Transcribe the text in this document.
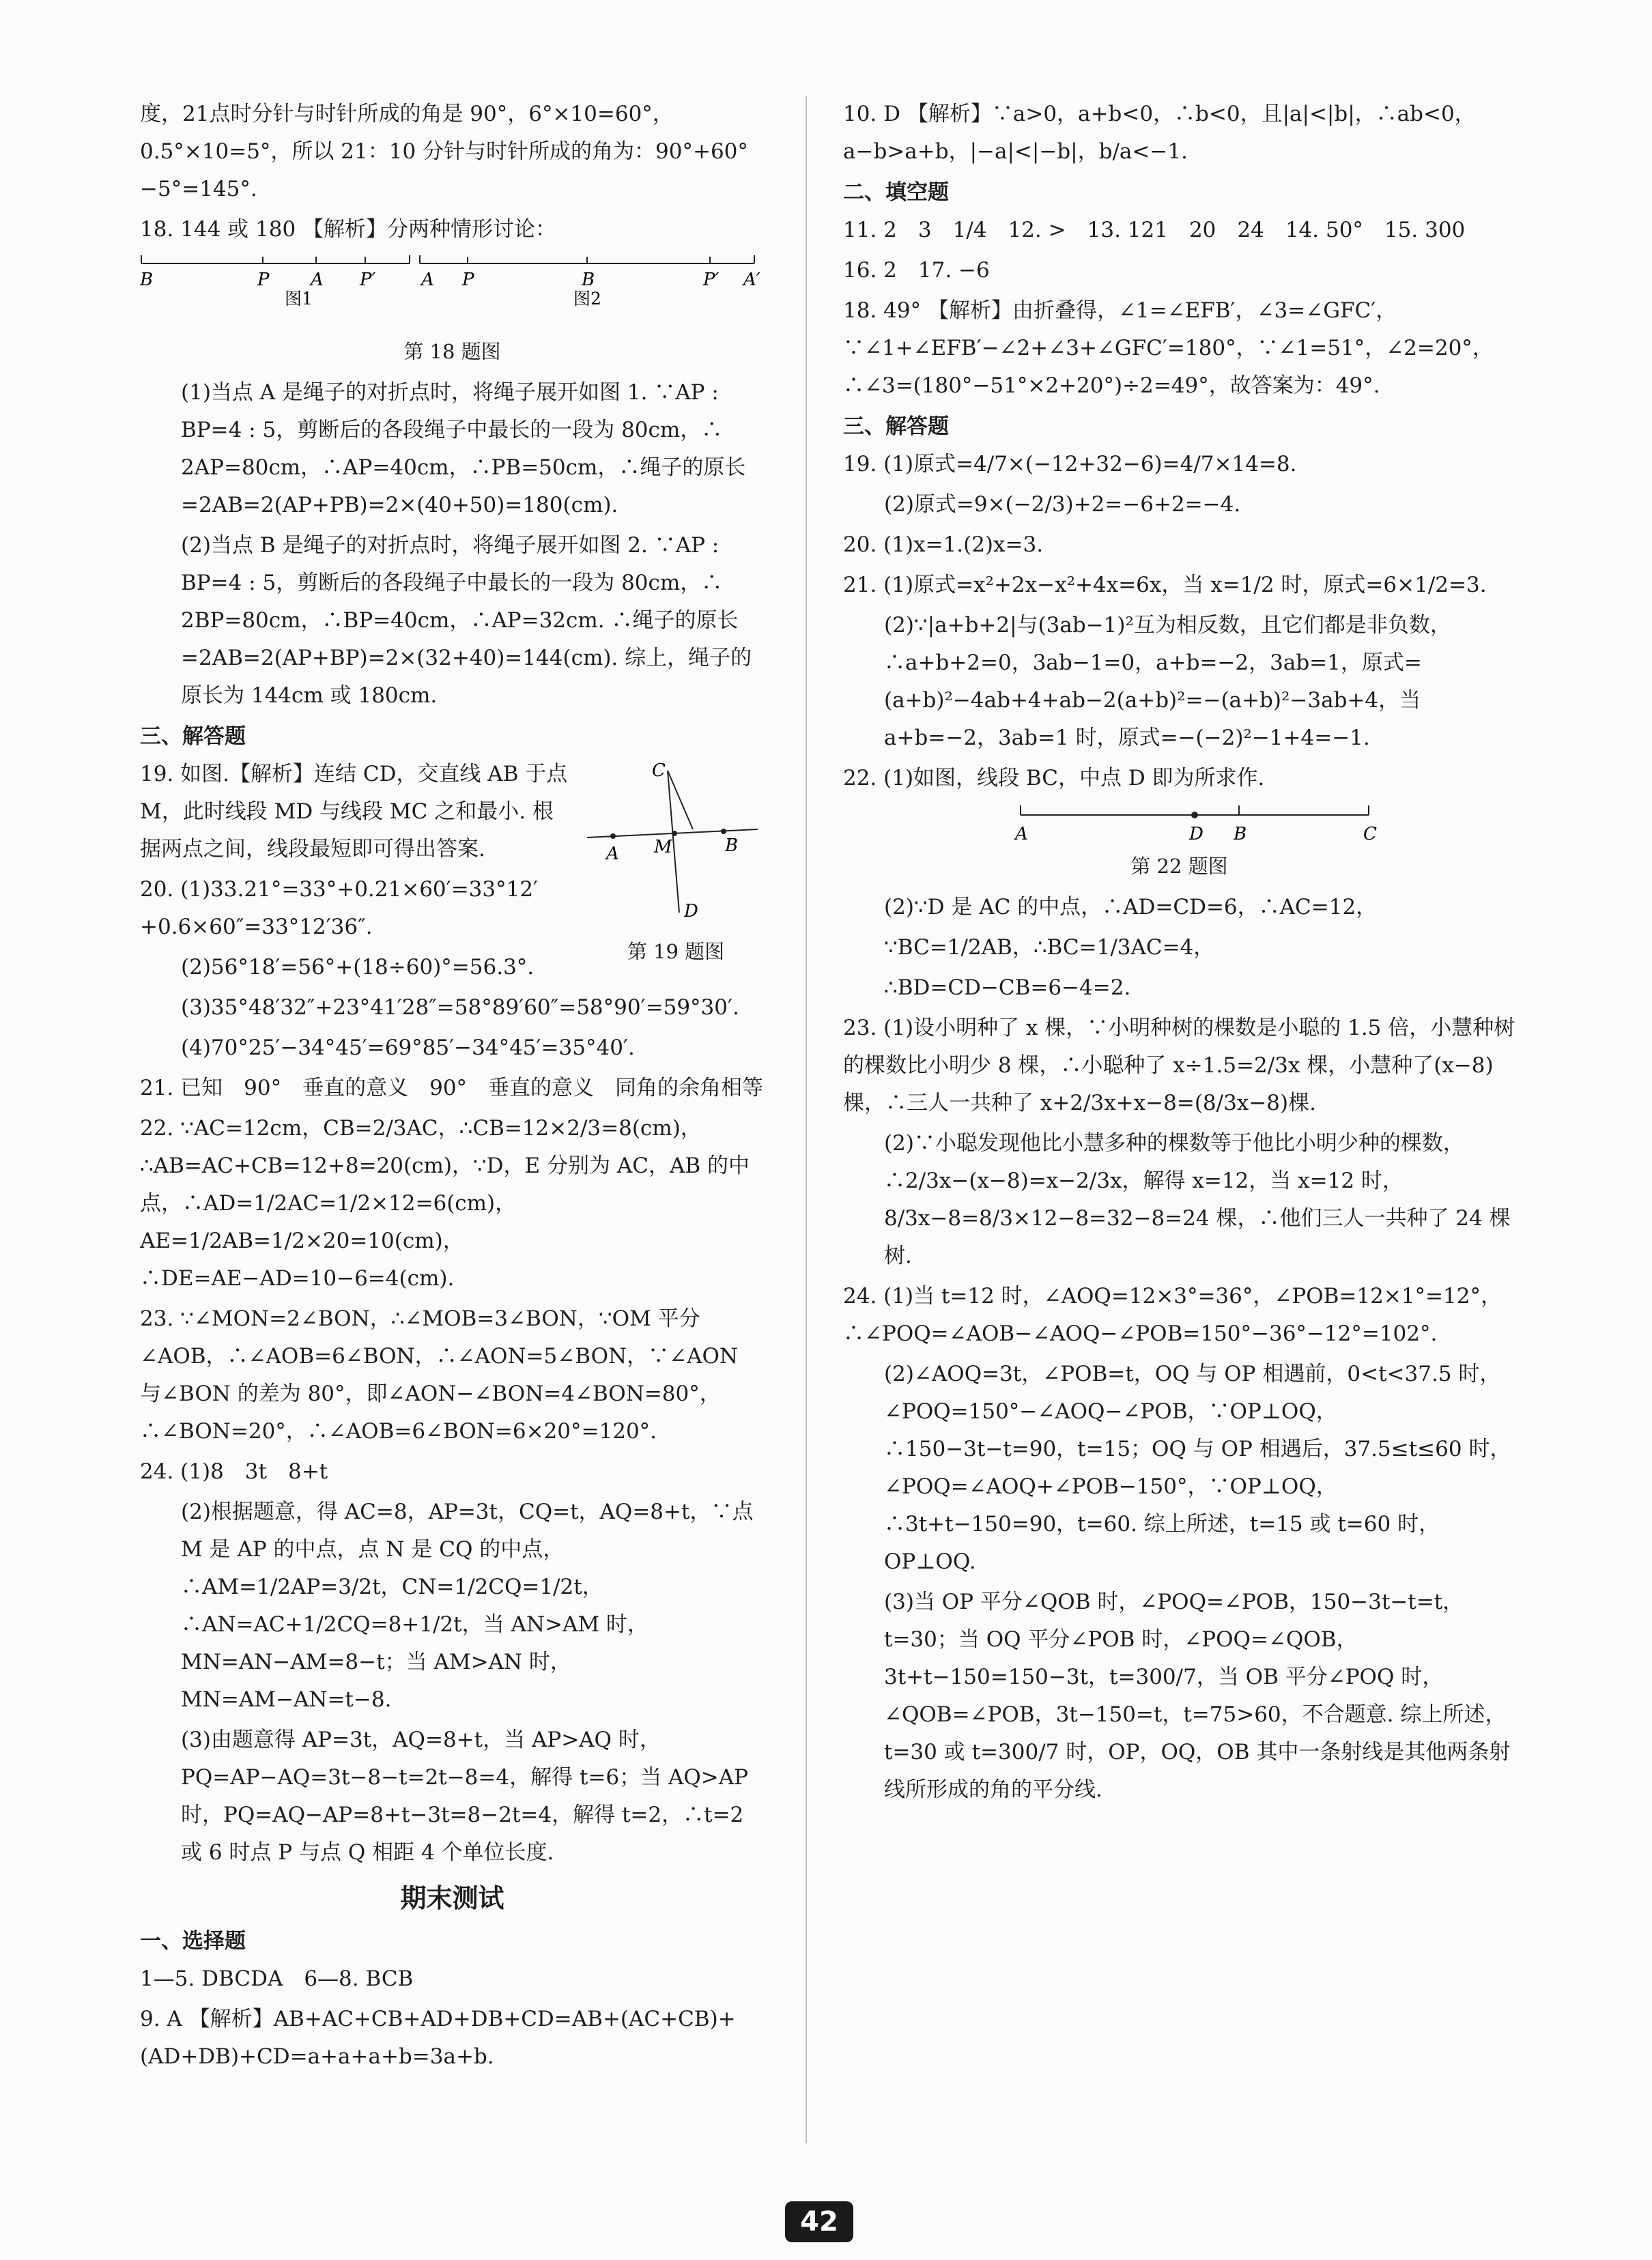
度，21点时分针与时针所成的角是 90°，6°×10=60°，0.5°×10=5°，所以 21：10 分针与时针所成的角为：90°+60°−5°=145°.

18. 144 或 180 【解析】分两种情形讨论：

B	P A P′
图1
A P	B	P′ A′
图2
第 18 题图

(1)当点 A 是绳子的对折点时，将绳子展开如图 1. ∵AP : BP=4 : 5，剪断后的各段绳子中最长的一段为 80cm，∴ 2AP=80cm，∴AP=40cm，∴PB=50cm，∴绳子的原长=2AB=2(AP+PB)=2×(40+50)=180(cm).

(2)当点 B 是绳子的对折点时，将绳子展开如图 2. ∵AP : BP=4 : 5，剪断后的各段绳子中最长的一段为 80cm，∴ 2BP=80cm，∴BP=40cm，∴AP=32cm. ∴绳子的原长=2AB=2(AP+BP)=2×(32+40)=144(cm). 综上，绳子的原长为 144cm 或 180cm.

三、解答题
C
A M	B
D
第 19 题图

19. 如图.【解析】连结 CD，交直线 AB 于点 M，此时线段 MD 与线段 MC 之和最小. 根据两点之间，线段最短即可得出答案.

20. (1)33.21°=33°+0.21×60′=33°12′+0.6×60″=33°12′36″.

(2)56°18′=56°+(18÷60)°=56.3°.

(3)35°48′32″+23°41′28″=58°89′60″=58°90′=59°30′.

(4)70°25′−34°45′=69°85′−34°45′=35°40′.

21. 已知　90°　垂直的意义　90°　垂直的意义　同角的余角相等

22. ∵AC=12cm，CB=2/3AC，∴CB=12×2/3=8(cm)，∴AB=AC+CB=12+8=20(cm)，∵D，E 分别为 AC，AB 的中点，∴AD=1/2AC=1/2×12=6(cm)，AE=1/2AB=1/2×20=10(cm)，∴DE=AE−AD=10−6=4(cm).

23. ∵∠MON=2∠BON，∴∠MOB=3∠BON，∵OM 平分∠AOB，∴∠AOB=6∠BON，∴∠AON=5∠BON，∵∠AON 与∠BON 的差为 80°，即∠AON−∠BON=4∠BON=80°，∴∠BON=20°，∴∠AOB=6∠BON=6×20°=120°.

24. (1)8　3t　8+t

(2)根据题意，得 AC=8，AP=3t，CQ=t，AQ=8+t，∵点 M 是 AP 的中点，点 N 是 CQ 的中点，∴AM=1/2AP=3/2t，CN=1/2CQ=1/2t，∴AN=AC+1/2CQ=8+1/2t，当 AN>AM 时，MN=AN−AM=8−t；当 AM>AN 时，MN=AM−AN=t−8.

(3)由题意得 AP=3t，AQ=8+t，当 AP>AQ 时，PQ=AP−AQ=3t−8−t=2t−8=4，解得 t=6；当 AQ>AP 时，PQ=AQ−AP=8+t−3t=8−2t=4，解得 t=2，∴t=2 或 6 时点 P 与点 Q 相距 4 个单位长度.

期末测试
一、选择题

1—5. DBCDA　6—8. BCB

9. A 【解析】AB+AC+CB+AD+DB+CD=AB+(AC+CB)+(AD+DB)+CD=a+a+a+b=3a+b.

10. D 【解析】∵a>0，a+b<0，∴b<0，且|a|<|b|，∴ab<0，a−b>a+b，|−a|<|−b|，b/a<−1.

二、填空题

11. 2　3　1/4　12. >　13. 121　20　24　14. 50°　15. 300

16. 2　17. −6

18. 49° 【解析】由折叠得，∠1=∠EFB′，∠3=∠GFC′，∵∠1+∠EFB′−∠2+∠3+∠GFC′=180°，∵∠1=51°，∠2=20°，∴∠3=(180°−51°×2+20°)÷2=49°，故答案为：49°.

三、解答题

19. (1)原式=4/7×(−12+32−6)=4/7×14=8.

(2)原式=9×(−2/3)+2=−6+2=−4.

20. (1)x=1.(2)x=3.

21. (1)原式=x²+2x−x²+4x=6x，当 x=1/2 时，原式=6×1/2=3.

(2)∵|a+b+2|与(3ab−1)²互为相反数，且它们都是非负数，∴a+b+2=0，3ab−1=0，a+b=−2，3ab=1，原式=(a+b)²−4ab+4+ab−2(a+b)²=−(a+b)²−3ab+4，当 a+b=−2，3ab=1 时，原式=−(−2)²−1+4=−1.

22. (1)如图，线段 BC，中点 D 即为所求作.

A	D B	C
第 22 题图

(2)∵D 是 AC 的中点，∴AD=CD=6，∴AC=12，

∵BC=1/2AB，∴BC=1/3AC=4，

∴BD=CD−CB=6−4=2.

23. (1)设小明种了 x 棵，∵小明种树的棵数是小聪的 1.5 倍，小慧种树的棵数比小明少 8 棵，∴小聪种了 x÷1.5=2/3x 棵，小慧种了(x−8)棵，∴三人一共种了 x+2/3x+x−8=(8/3x−8)棵.

(2)∵小聪发现他比小慧多种的棵数等于他比小明少种的棵数，∴2/3x−(x−8)=x−2/3x，解得 x=12，当 x=12 时，8/3x−8=8/3×12−8=32−8=24 棵，∴他们三人一共种了 24 棵树.

24. (1)当 t=12 时，∠AOQ=12×3°=36°，∠POB=12×1°=12°，∴∠POQ=∠AOB−∠AOQ−∠POB=150°−36°−12°=102°.

(2)∠AOQ=3t，∠POB=t，OQ 与 OP 相遇前，0<t<37.5 时，∠POQ=150°−∠AOQ−∠POB，∵OP⊥OQ，∴150−3t−t=90，t=15；OQ 与 OP 相遇后，37.5≤t≤60 时，∠POQ=∠AOQ+∠POB−150°，∵OP⊥OQ，∴3t+t−150=90，t=60. 综上所述，t=15 或 t=60 时，OP⊥OQ.

(3)当 OP 平分∠QOB 时，∠POQ=∠POB，150−3t−t=t，t=30；当 OQ 平分∠POB 时，∠POQ=∠QOB，3t+t−150=150−3t，t=300/7，当 OB 平分∠POQ 时，∠QOB=∠POB，3t−150=t，t=75>60，不合题意. 综上所述，t=30 或 t=300/7 时，OP，OQ，OB 其中一条射线是其他两条射线所形成的角的平分线.

42
